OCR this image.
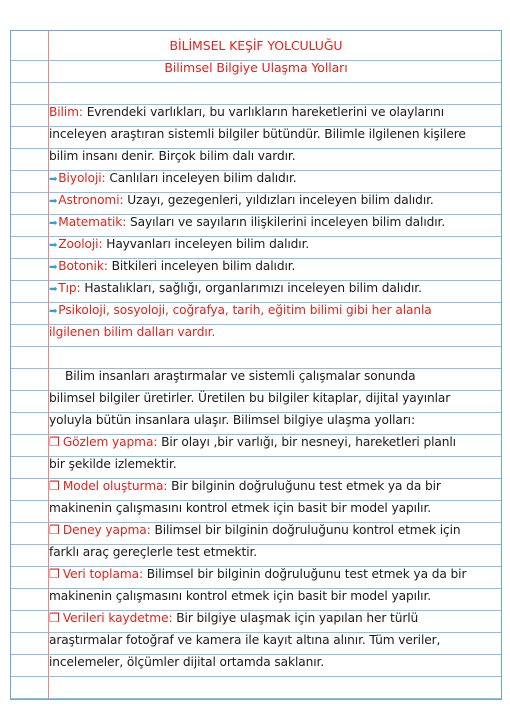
BİLİMSEL KEŞİF YOLCULUĞU
Bilimsel Bilgiye Ulaşma Yolları
Bilim: Evrendeki varlıkları, bu varlıkların hareketlerini ve olaylarını
inceleyen araştıran sistemli bilgiler bütündür. Bilimle ilgilenen kişilere
bilim insanı denir. Birçok bilim dalı vardır.
➡Biyoloji: Canlıları inceleyen bilim dalıdır.
➡Astronomi: Uzayı, gezegenleri, yıldızları inceleyen bilim dalıdır.
➡Matematik: Sayıları ve sayıların ilişkilerini inceleyen bilim dalıdır.
➡Zooloji: Hayvanları inceleyen bilim dalıdır.
➡Botonik: Bitkileri inceleyen bilim dalıdır.
➡Tıp: Hastalıkları, sağlığı, organlarımızı inceleyen bilim dalıdır.
➡Psikoloji, sosyoloji, coğrafya, tarih, eğitim bilimi gibi her alanla
ilgilenen bilim dalları vardır.
Bilim insanları araştırmalar ve sistemli çalışmalar sonunda
bilimsel bilgiler üretirler. Üretilen bu bilgiler kitaplar, dijital yayınlar
yoluyla bütün insanlara ulaşır. Bilimsel bilgiye ulaşma yolları:
❒ Gözlem yapma: Bir olayı ,bir varlığı, bir nesneyi, hareketleri planlı
bir şekilde izlemektir.
❒ Model oluşturma: Bir bilginin doğruluğunu test etmek ya da bir
makinenin çalışmasını kontrol etmek için basit bir model yapılır.
❒ Deney yapma: Bilimsel bir bilginin doğruluğunu kontrol etmek için
farklı araç gereçlerle test etmektir.
❒ Veri toplama: Bilimsel bir bilginin doğruluğunu test etmek ya da bir
makinenin çalışmasını kontrol etmek için basit bir model yapılır.
❒ Verileri kaydetme: Bir bilgiye ulaşmak için yapılan her türlü
araştırmalar fotoğraf ve kamera ile kayıt altına alınır. Tüm veriler,
incelemeler, ölçümler dijital ortamda saklanır.
